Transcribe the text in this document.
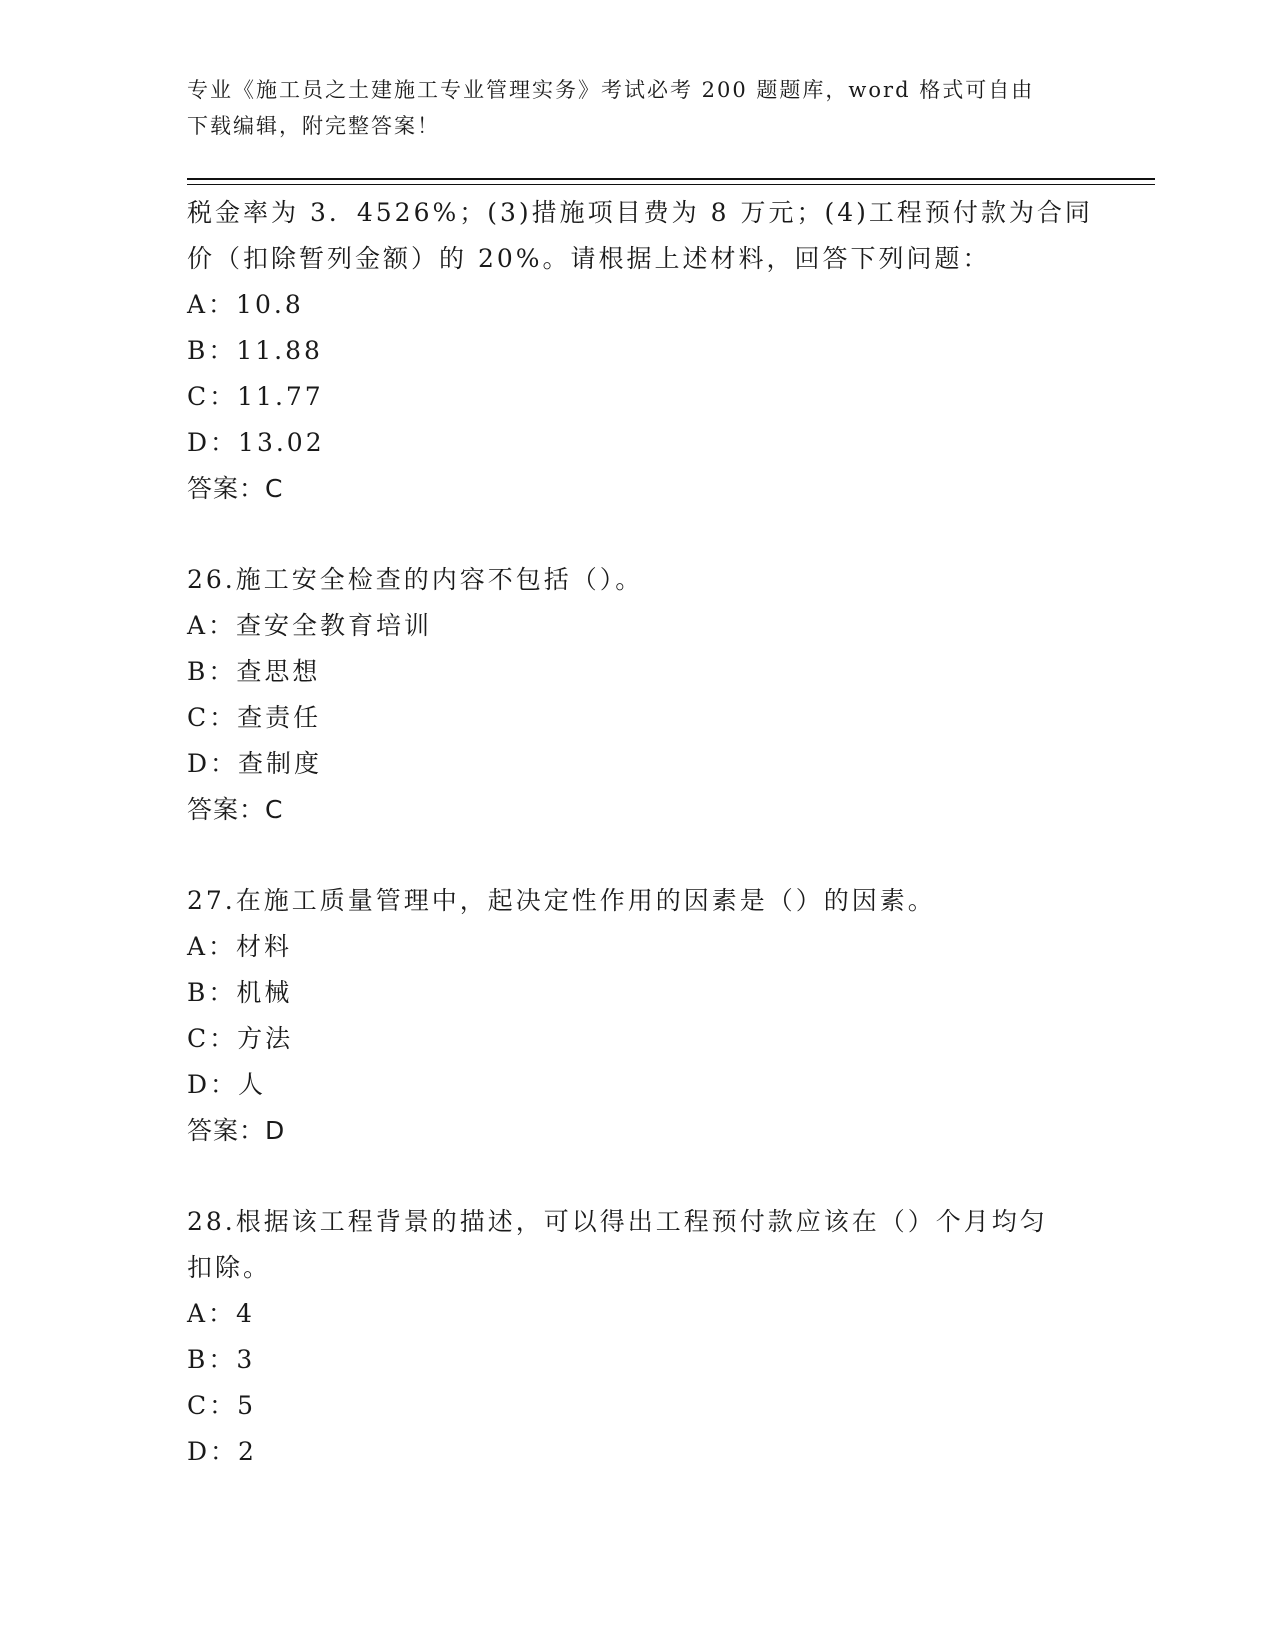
专业《施工员之土建施工专业管理实务》考试必考 200 题题库，word 格式可自由
下载编辑，附完整答案！
税金率为 3．4526%；(3)措施项目费为 8 万元；(4)工程预付款为合同
价（扣除暂列金额）的 20%。请根据上述材料，回答下列问题：
A：10.8
B：11.88
C：11.77
D：13.02
答案：C
26.施工安全检查的内容不包括（）。
A：查安全教育培训
B：查思想
C：查责任
D：查制度
答案：C
27.在施工质量管理中，起决定性作用的因素是（）的因素。
A：材料
B：机械
C：方法
D：人
答案：D
28.根据该工程背景的描述，可以得出工程预付款应该在（）个月均匀
扣除。
A：4
B：3
C：5
D：2
